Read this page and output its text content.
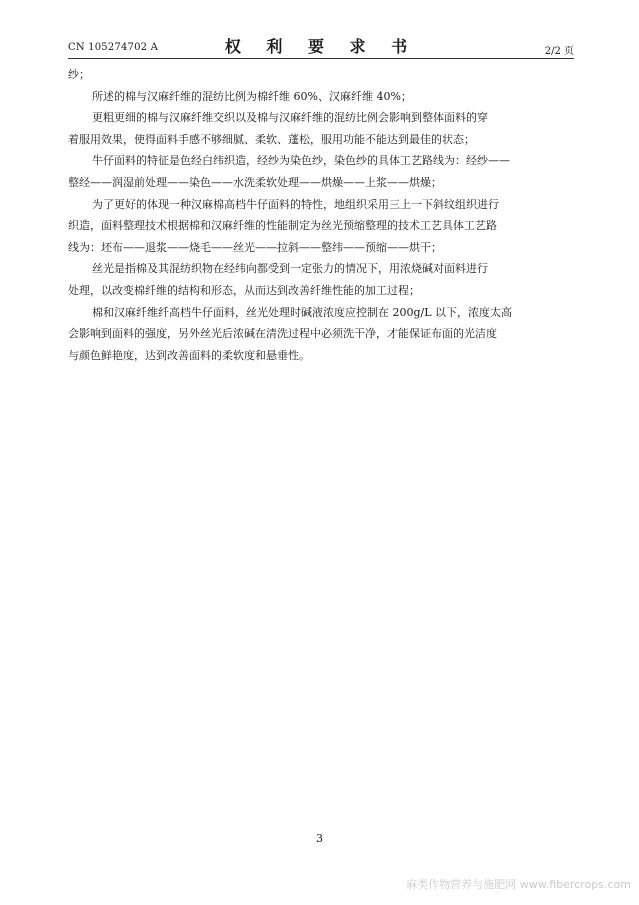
CN 105274702 A	权 利 要 求 书	2/2 页
纱；
所述的棉与汉麻纤维的混纺比例为棉纤维 60%、汉麻纤维 40%；
更粗更细的棉与汉麻纤维交织以及棉与汉麻纤维的混纺比例会影响到整体面料的穿
着服用效果，使得面料手感不够细腻、柔软、蓬松，服用功能不能达到最佳的状态；
牛仔面料的特征是色经白纬织造，经纱为染色纱，染色纱的具体工艺路线为：经纱——
整经——润湿前处理——染色——水洗柔软处理——烘燥——上浆——烘燥；
为了更好的体现一种汉麻棉高档牛仔面料的特性，地组织采用三上一下斜纹组织进行
织造，面料整理技术根据棉和汉麻纤维的性能制定为丝光预缩整理的技术工艺具体工艺路
线为：坯布——退浆——烧毛——丝光——拉斜——整纬——预缩——烘干；
丝光是指棉及其混纺织物在经纬向都受到一定张力的情况下，用浓烧碱对面料进行
处理，以改变棉纤维的结构和形态，从而达到改善纤维性能的加工过程；
棉和汉麻纤维纤高档牛仔面料，丝光处理时碱液浓度应控制在 200g/L 以下，浓度太高
会影响到面料的强度，另外丝光后浓碱在清洗过程中必须洗干净，才能保证布面的光洁度
与颜色鲜艳度，达到改善面料的柔软度和悬垂性。
3
麻类作物营养与施肥网 www.fibercrops.com
